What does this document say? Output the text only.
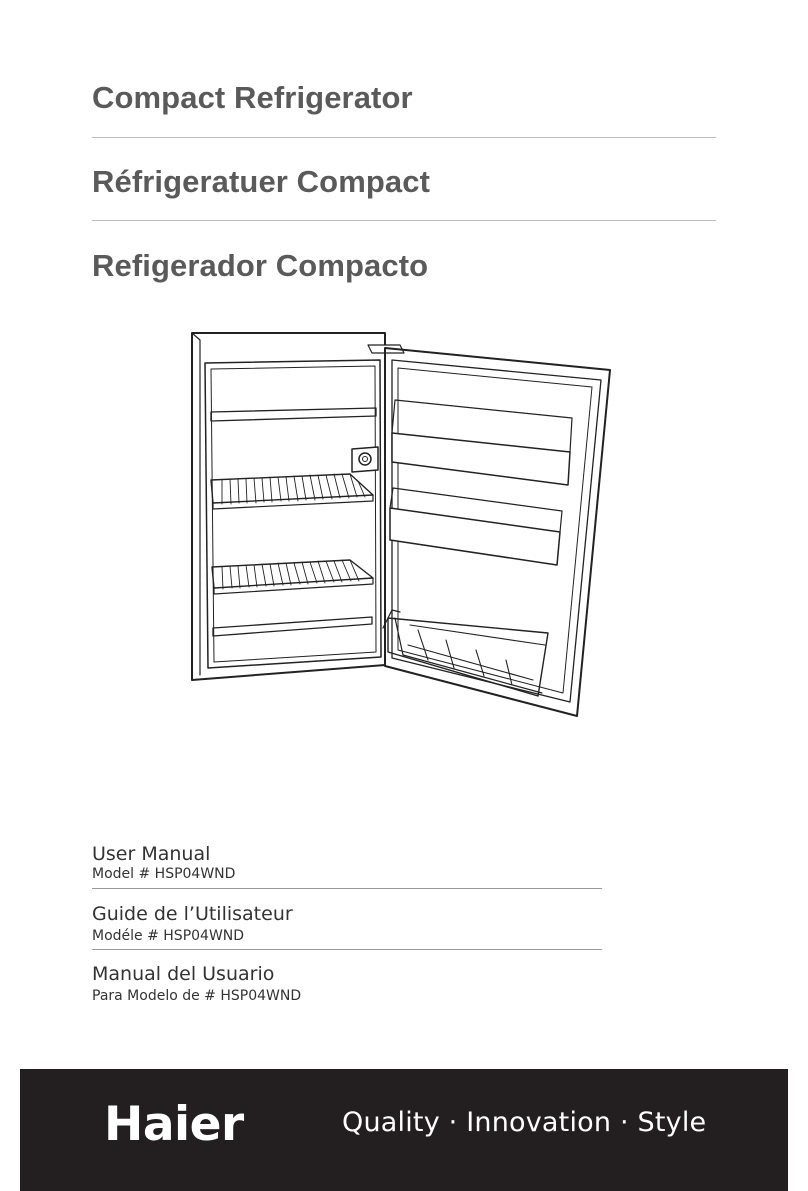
Compact Refrigerator
Réfrigeratuer Compact
Refigerador Compacto

User Manual

Model # HSP04WND

Guide de l’Utilisateur

Modéle # HSP04WND

Manual del Usuario

Para Modelo de # HSP04WND

Haier	Quality · Innovation · Style
